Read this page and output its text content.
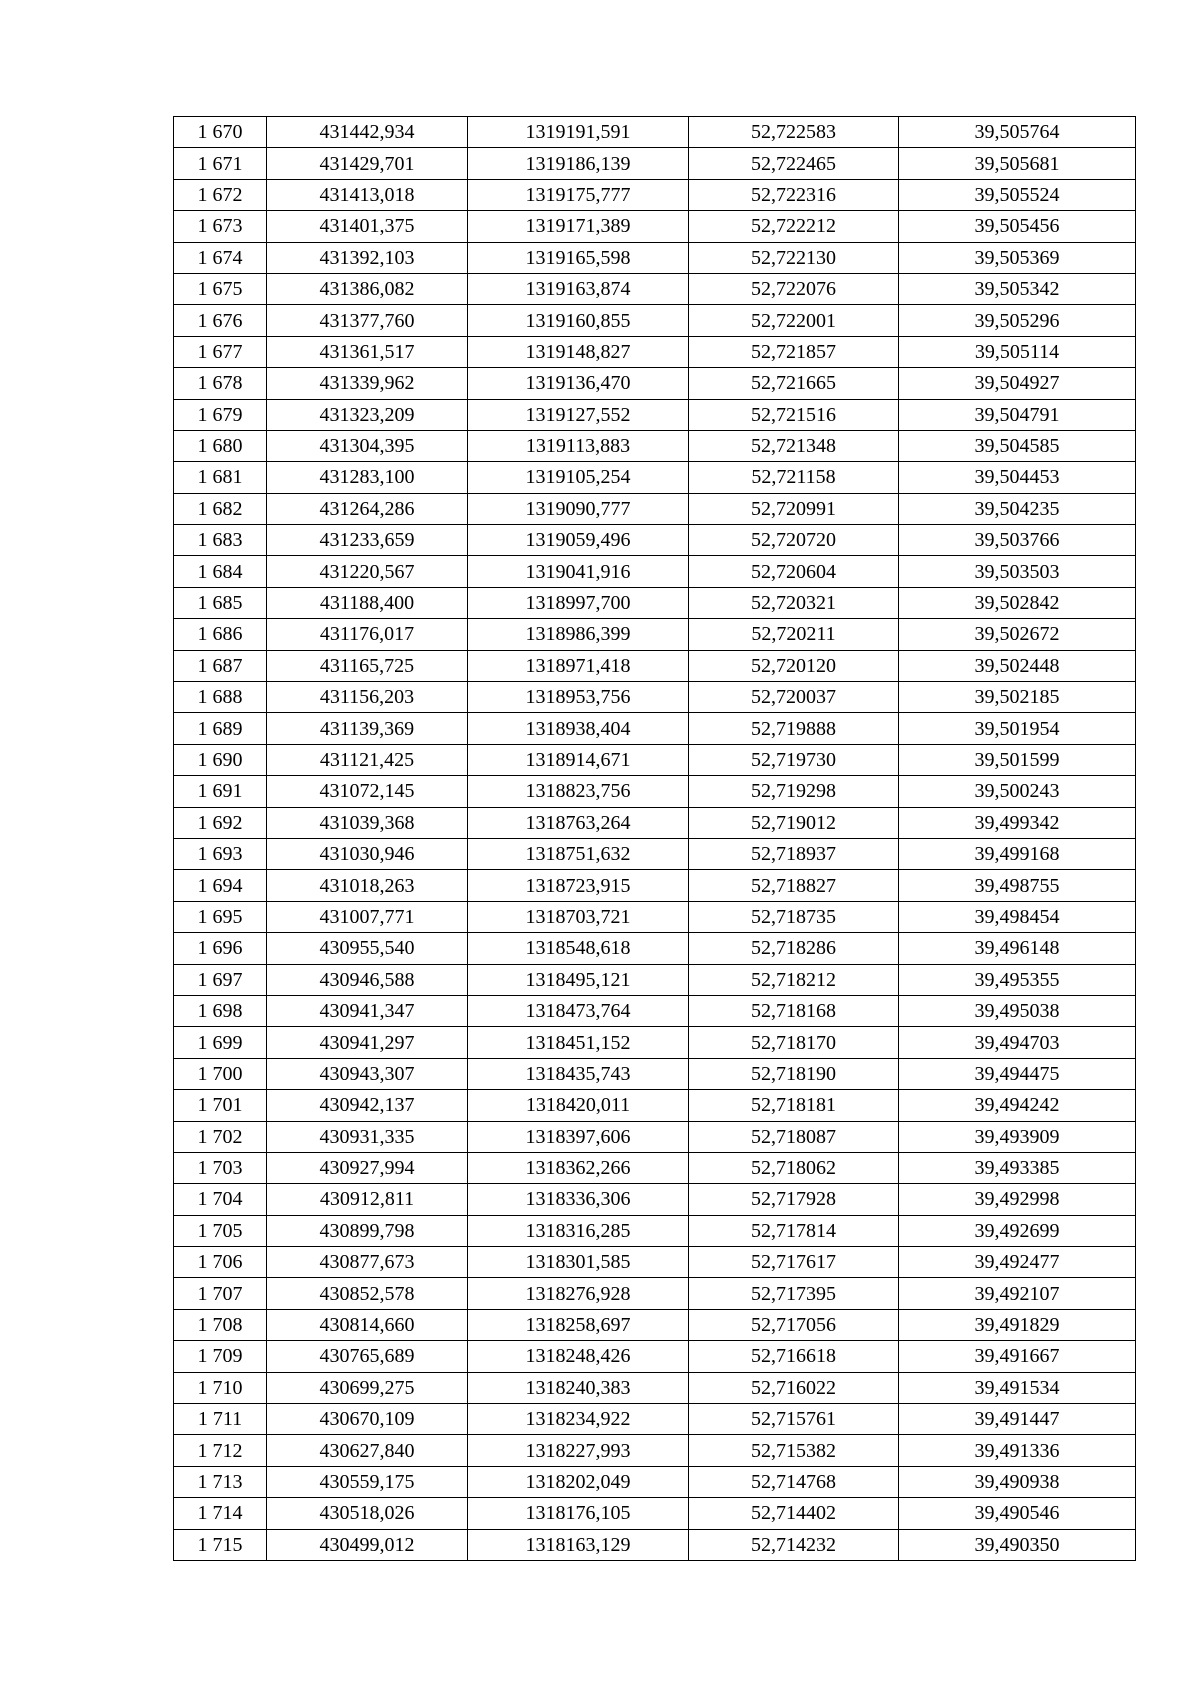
1 670	431442,934	1319191,591	52,722583	39,505764
1 671	431429,701	1319186,139	52,722465	39,505681
1 672	431413,018	1319175,777	52,722316	39,505524
1 673	431401,375	1319171,389	52,722212	39,505456
1 674	431392,103	1319165,598	52,722130	39,505369
1 675	431386,082	1319163,874	52,722076	39,505342
1 676	431377,760	1319160,855	52,722001	39,505296
1 677	431361,517	1319148,827	52,721857	39,505114
1 678	431339,962	1319136,470	52,721665	39,504927
1 679	431323,209	1319127,552	52,721516	39,504791
1 680	431304,395	1319113,883	52,721348	39,504585
1 681	431283,100	1319105,254	52,721158	39,504453
1 682	431264,286	1319090,777	52,720991	39,504235
1 683	431233,659	1319059,496	52,720720	39,503766
1 684	431220,567	1319041,916	52,720604	39,503503
1 685	431188,400	1318997,700	52,720321	39,502842
1 686	431176,017	1318986,399	52,720211	39,502672
1 687	431165,725	1318971,418	52,720120	39,502448
1 688	431156,203	1318953,756	52,720037	39,502185
1 689	431139,369	1318938,404	52,719888	39,501954
1 690	431121,425	1318914,671	52,719730	39,501599
1 691	431072,145	1318823,756	52,719298	39,500243
1 692	431039,368	1318763,264	52,719012	39,499342
1 693	431030,946	1318751,632	52,718937	39,499168
1 694	431018,263	1318723,915	52,718827	39,498755
1 695	431007,771	1318703,721	52,718735	39,498454
1 696	430955,540	1318548,618	52,718286	39,496148
1 697	430946,588	1318495,121	52,718212	39,495355
1 698	430941,347	1318473,764	52,718168	39,495038
1 699	430941,297	1318451,152	52,718170	39,494703
1 700	430943,307	1318435,743	52,718190	39,494475
1 701	430942,137	1318420,011	52,718181	39,494242
1 702	430931,335	1318397,606	52,718087	39,493909
1 703	430927,994	1318362,266	52,718062	39,493385
1 704	430912,811	1318336,306	52,717928	39,492998
1 705	430899,798	1318316,285	52,717814	39,492699
1 706	430877,673	1318301,585	52,717617	39,492477
1 707	430852,578	1318276,928	52,717395	39,492107
1 708	430814,660	1318258,697	52,717056	39,491829
1 709	430765,689	1318248,426	52,716618	39,491667
1 710	430699,275	1318240,383	52,716022	39,491534
1 711	430670,109	1318234,922	52,715761	39,491447
1 712	430627,840	1318227,993	52,715382	39,491336
1 713	430559,175	1318202,049	52,714768	39,490938
1 714	430518,026	1318176,105	52,714402	39,490546
1 715	430499,012	1318163,129	52,714232	39,490350
